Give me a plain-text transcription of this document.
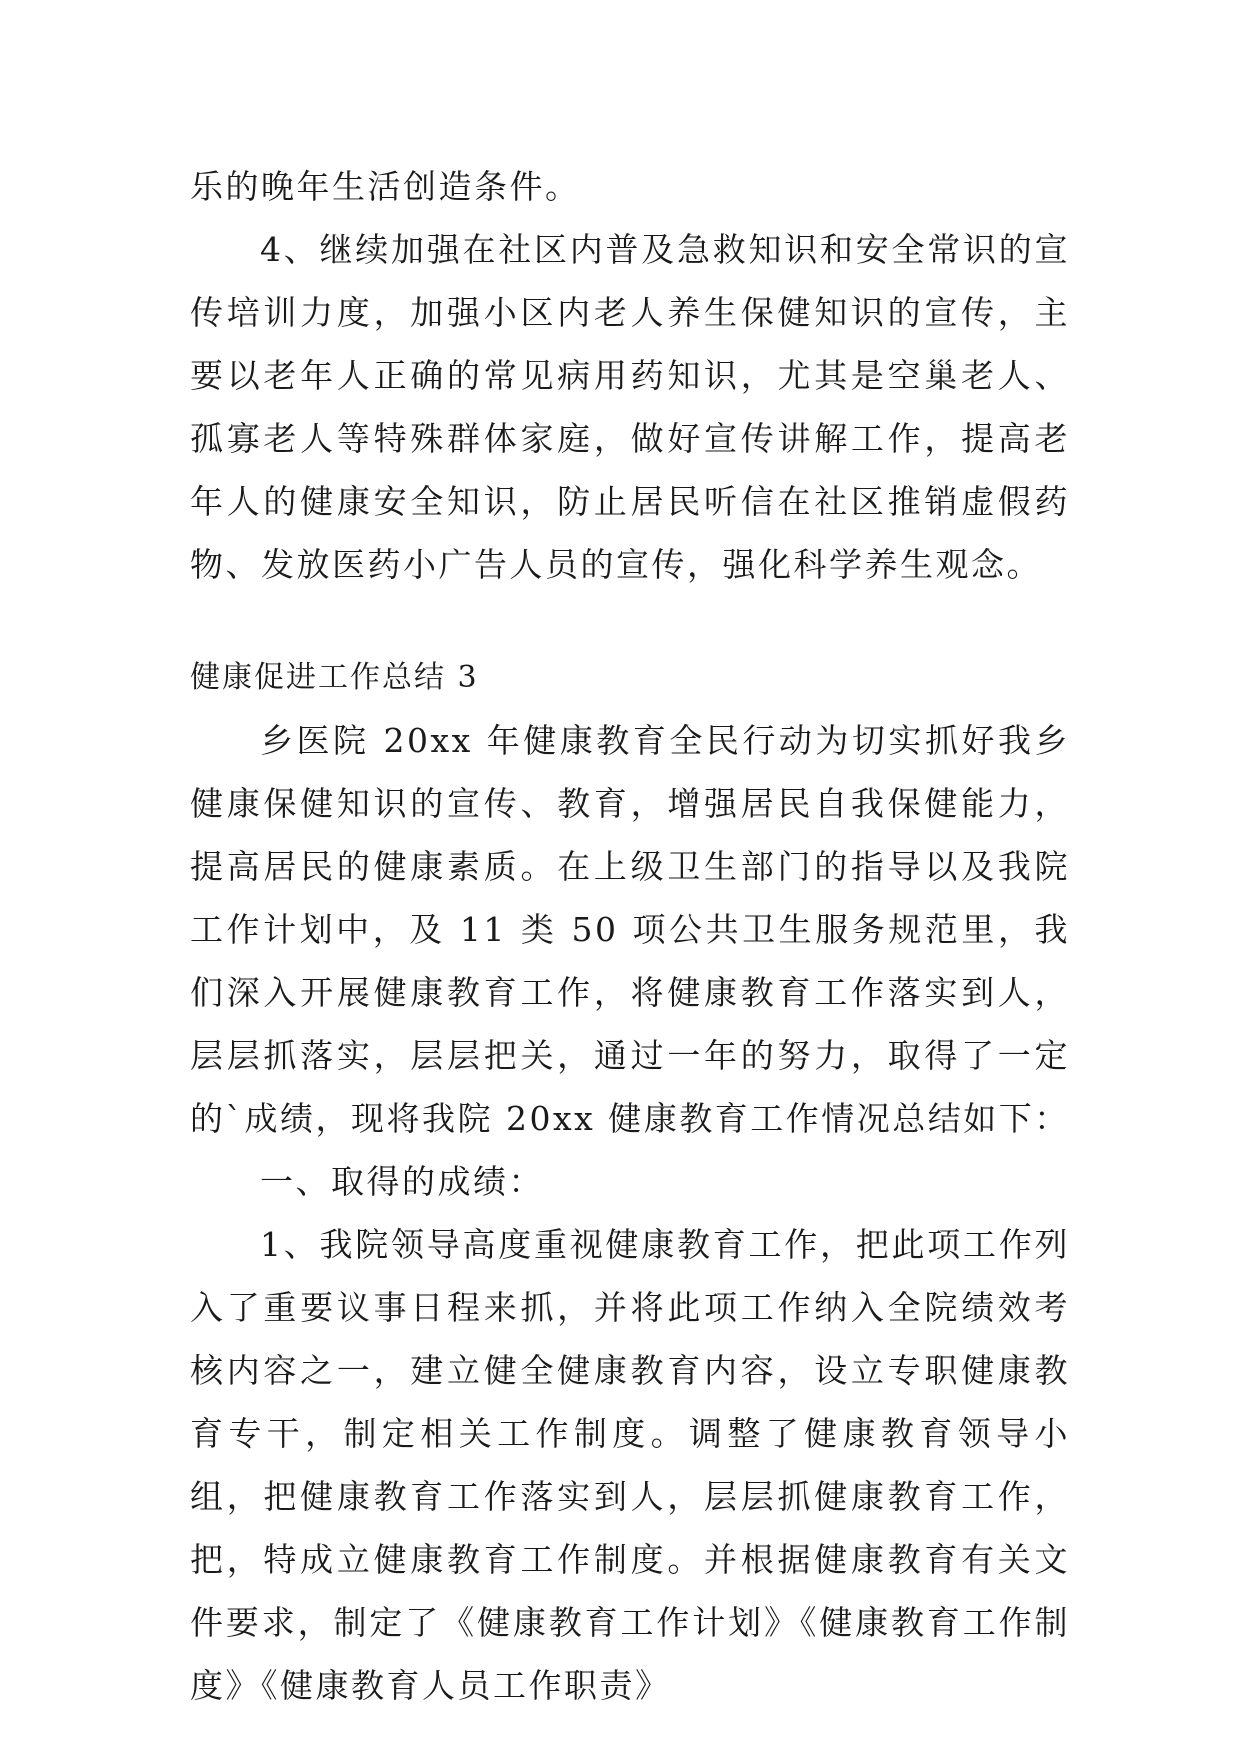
乐的晚年生活创造条件。

4、继续加强在社区内普及急救知识和安全常识的宣传培训力度，加强小区内老人养生保健知识的宣传，主要以老年人正确的常见病用药知识，尤其是空巢老人、孤寡老人等特殊群体家庭，做好宣传讲解工作，提高老年人的健康安全知识，防止居民听信在社区推销虚假药物、发放医药小广告人员的宣传，强化科学养生观念。

健康促进工作总结 3

乡医院 20xx 年健康教育全民行动为切实抓好我乡健康保健知识的宣传、教育，增强居民自我保健能力，提高居民的健康素质。在上级卫生部门的指导以及我院工作计划中，及 11 类 50 项公共卫生服务规范里，我们深入开展健康教育工作，将健康教育工作落实到人，层层抓落实，层层把关，通过一年的努力，取得了一定的`成绩，现将我院 20xx 健康教育工作情况总结如下：

一、取得的成绩：

1、我院领导高度重视健康教育工作，把此项工作列入了重要议事日程来抓，并将此项工作纳入全院绩效考核内容之一，建立健全健康教育内容，设立专职健康教育专干，制定相关工作制度。调整了健康教育领导小组，把健康教育工作落实到人，层层抓健康教育工作，把，特成立健康教育工作制度。并根据健康教育有关文件要求，制定了《健康教育工作计划》《健康教育工作制度》《健康教育人员工作职责》
